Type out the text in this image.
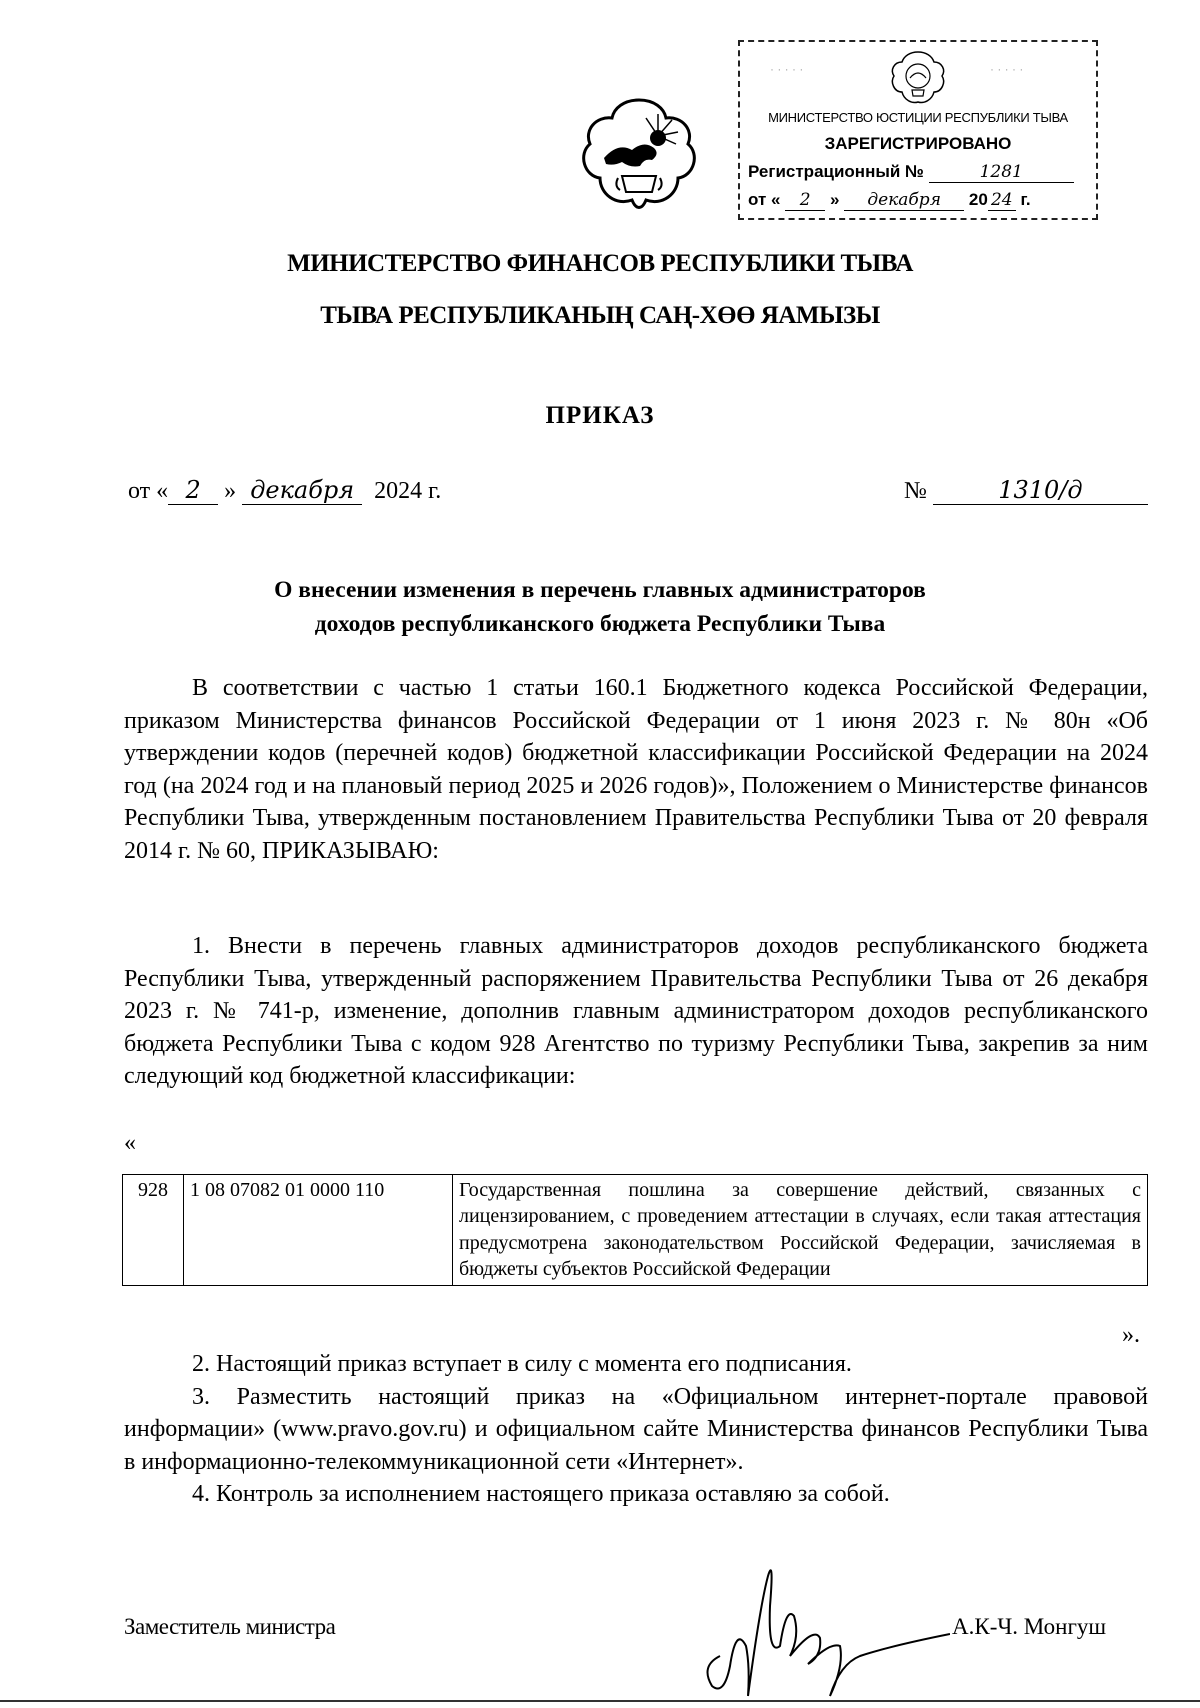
· · · · ·	· · · · ·
МИНИСТЕРСТВО ЮСТИЦИИ РЕСПУБЛИКИ ТЫВА
ЗАРЕГИСТРИРОВАНО
Регистрационный №	1281
от « 2 » декабря 20 24 г.
МИНИСТЕРСТВО ФИНАНСОВ РЕСПУБЛИКИ ТЫВА
ТЫВА РЕСПУБЛИКАНЫҢ САҢ-ХӨӨ ЯАМЫЗЫ
ПРИКАЗ
от « 2 » декабря 2024 г.	№	1310/д
О внесении изменения в перечень главных администраторов
доходов республиканского бюджета Республики Тыва

В соответствии с частью 1 статьи 160.1 Бюджетного кодекса Российской Федерации, приказом Министерства финансов Российской Федерации от 1 июня 2023 г. № 80н «Об утверждении кодов (перечней кодов) бюджетной классификации Российской Федерации на 2024 год (на 2024 год и на плановый период 2025 и 2026 годов)», Положением о Министерстве финансов Республики Тыва, утвержденным постановлением Правительства Республики Тыва от 20 февраля 2014 г. № 60, ПРИКАЗЫВАЮ:

1. Внести в перечень главных администраторов доходов республиканского бюджета Республики Тыва, утвержденный распоряжением Правительства Республики Тыва от 26 декабря 2023 г. № 741-р, изменение, дополнив главным администратором доходов республиканского бюджета Республики Тыва с кодом 928 Агентство по туризму Республики Тыва, закрепив за ним следующий код бюджетной классификации:

«
928	1 08 07082 01 0000 110	Государственная пошлина за совершение действий, связанных с лицензированием, с проведением аттестации в случаях, если такая аттестация предусмотрена законодательством Российской Федерации, зачисляемая в бюджеты субъектов Российской Федерации
».

2. Настоящий приказ вступает в силу с момента его подписания.

3. Разместить настоящий приказ на «Официальном интернет-портале правовой информации» (www.pravo.gov.ru) и официальном сайте Министерства финансов Республики Тыва в информационно-телекоммуникационной сети «Интернет».

4. Контроль за исполнением настоящего приказа оставляю за собой.

Заместитель министра	А.К-Ч. Монгуш
